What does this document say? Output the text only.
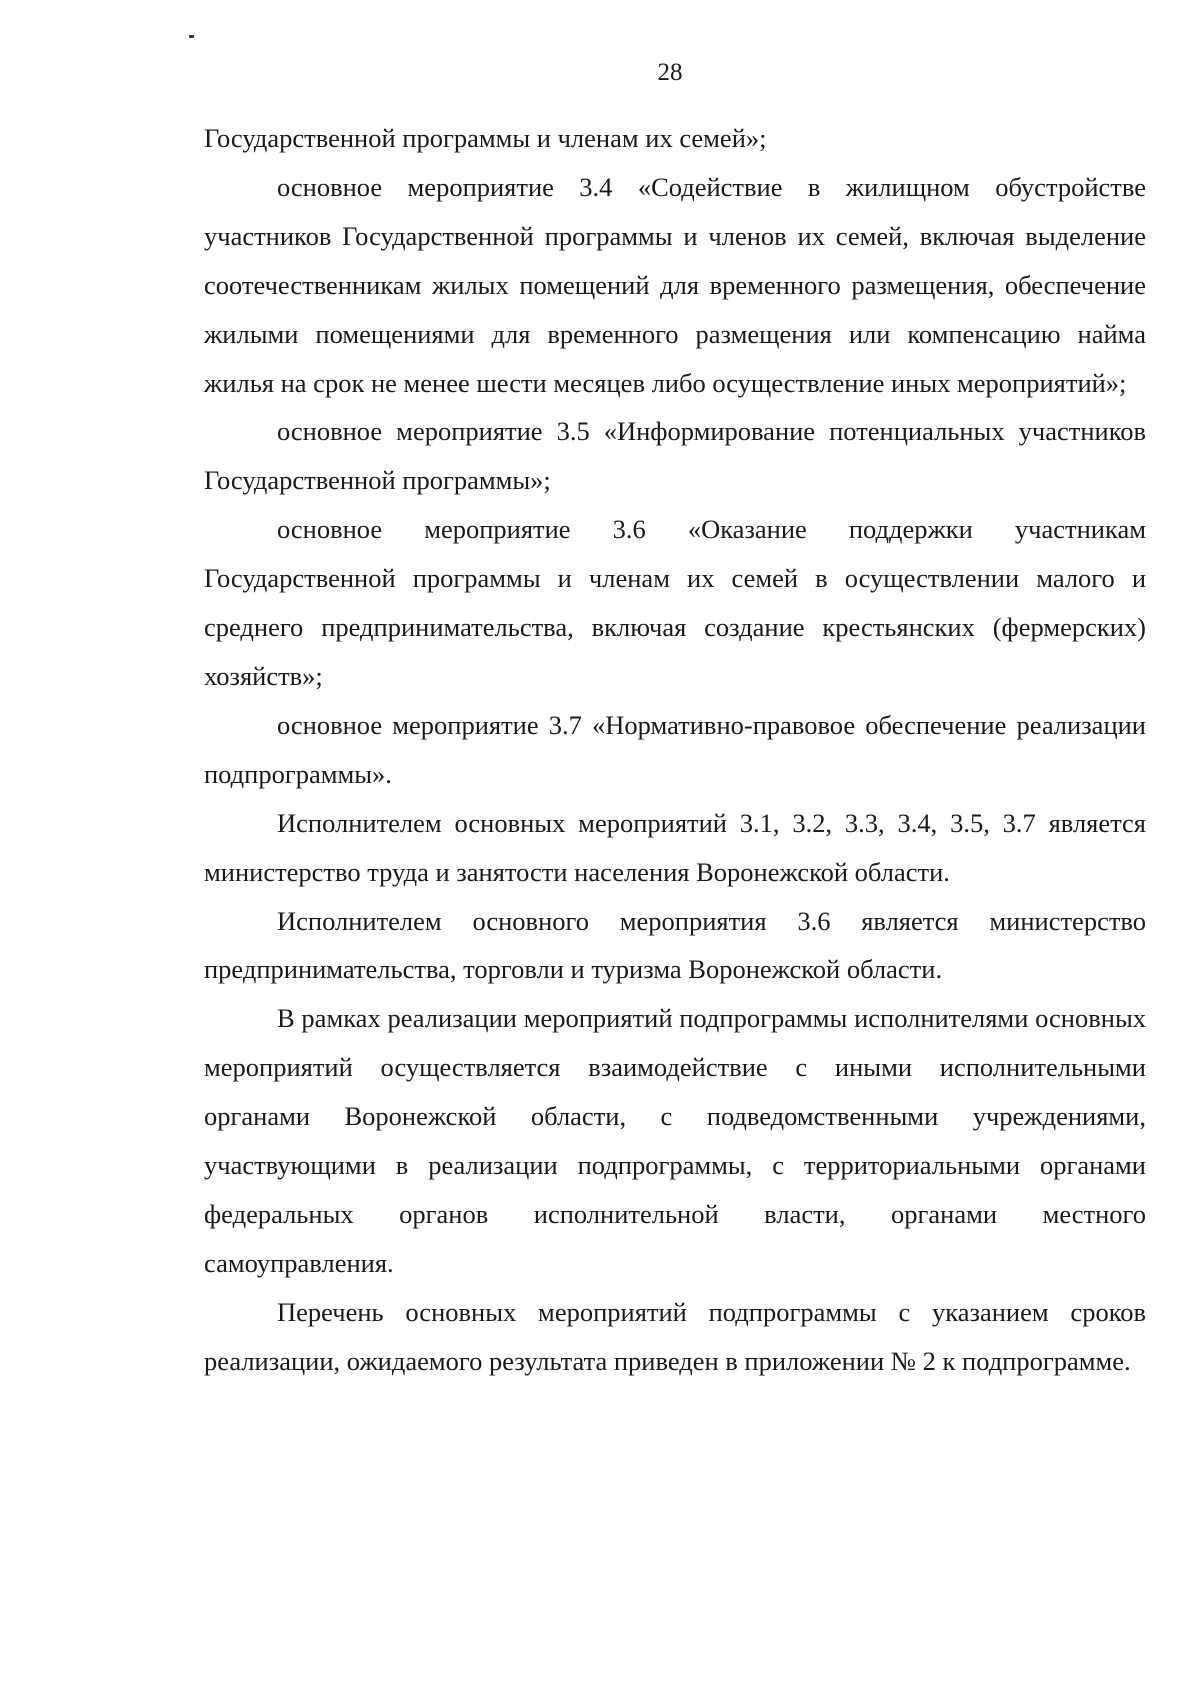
28

Государственной программы и членам их семей»;

основное мероприятие 3.4 «Содействие в жилищном обустройстве участников Государственной программы и членов их семей, включая выделение соотечественникам жилых помещений для временного размещения, обеспечение жилыми помещениями для временного размещения или компенсацию найма жилья на срок не менее шести месяцев либо осуществление иных мероприятий»;

основное мероприятие 3.5 «Информирование потенциальных участников Государственной программы»;

основное мероприятие 3.6 «Оказание поддержки участникам Государственной программы и членам их семей в осуществлении малого и среднего предпринимательства, включая создание крестьянских (фермерских) хозяйств»;

основное мероприятие 3.7 «Нормативно-правовое обеспечение реализации подпрограммы».

Исполнителем основных мероприятий 3.1, 3.2, 3.3, 3.4, 3.5, 3.7 является министерство труда и занятости населения Воронежской области.

Исполнителем основного мероприятия 3.6 является министерство предпринимательства, торговли и туризма Воронежской области.

В рамках реализации мероприятий подпрограммы исполнителями основных мероприятий осуществляется взаимодействие с иными исполнительными органами Воронежской области, с подведомственными учреждениями, участвующими в реализации подпрограммы, с территориальными органами федеральных органов исполнительной власти, органами местного самоуправления.

Перечень основных мероприятий подпрограммы с указанием сроков реализации, ожидаемого результата приведен в приложении № 2 к подпрограмме.
